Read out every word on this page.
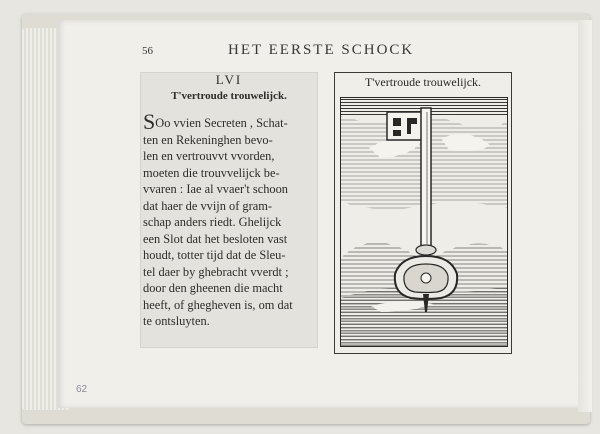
56	HET EERSTE SCHOCK
LVI
T'vertroude trouwelijck.
SOo vvien Secreten , Schat-
ten en Rekeninghen bevo-
len en vertrouvvt vvorden,
moeten die trouvvelijck be-
vvaren : Iae al vvaer't schoon
dat haer de vvijn of gram-
schap anders riedt. Ghelijck
een Slot dat het besloten vast
houdt, totter tijd dat de Sleu-
tel daer by ghebracht vverdt ;
door den gheenen die macht
heeft, of ghegheven is, om dat
te ontsluyten.
T'vertroude trouwelijck.
62
